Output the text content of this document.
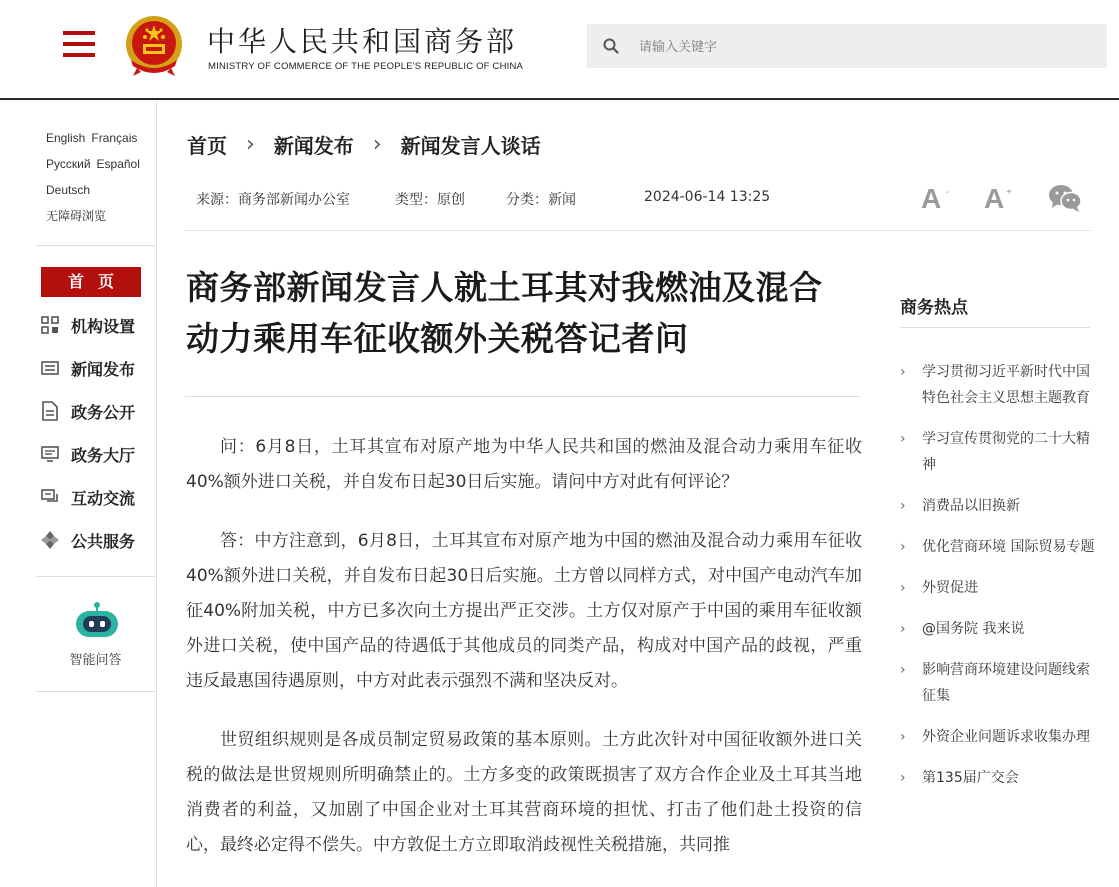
中华人民共和国商务部
MINISTRY OF COMMERCE OF THE PEOPLE'S REPUBLIC OF CHINA
请输入关键字
English Français
Русский Español
Deutsch
无障碍浏览
首页
机构设置
新闻发布
政务公开
政务大厅
互动交流
公共服务
智能问答
首页 › 新闻发布 › 新闻发言人谈话
来源：商务部新闻办公室	类型：原创	分类：新闻	2024-06-14 13:25	A - A +
商务部新闻发言人就土耳其对我燃油及混合动力乘用车征收额外关税答记者问

问：6月8日，土耳其宣布对原产地为中华人民共和国的燃油及混合动力乘用车征收40%额外进口关税，并自发布日起30日后实施。请问中方对此有何评论？

答：中方注意到，6月8日，土耳其宣布对原产地为中国的燃油及混合动力乘用车征收40%额外进口关税，并自发布日起30日后实施。土方曾以同样方式，对中国产电动汽车加征40%附加关税，中方已多次向土方提出严正交涉。土方仅对原产于中国的乘用车征收额外进口关税，使中国产品的待遇低于其他成员的同类产品，构成对中国产品的歧视，严重违反最惠国待遇原则，中方对此表示强烈不满和坚决反对。

世贸组织规则是各成员制定贸易政策的基本原则。土方此次针对中国征收额外进口关税的做法是世贸规则所明确禁止的。土方多变的政策既损害了双方合作企业及土耳其当地消费者的利益，又加剧了中国企业对土耳其营商环境的担忧、打击了他们赴土投资的信心，最终必定得不偿失。中方敦促土方立即取消歧视性关税措施，共同推

商务热点
› 学习贯彻习近平新时代中国特色社会主义思想主题教育
› 学习宣传贯彻党的二十大精神
› 消费品以旧换新
› 优化营商环境 国际贸易专题
› 外贸促进
› @国务院 我来说
› 影响营商环境建设问题线索征集
› 外资企业问题诉求收集办理
› 第135届广交会
